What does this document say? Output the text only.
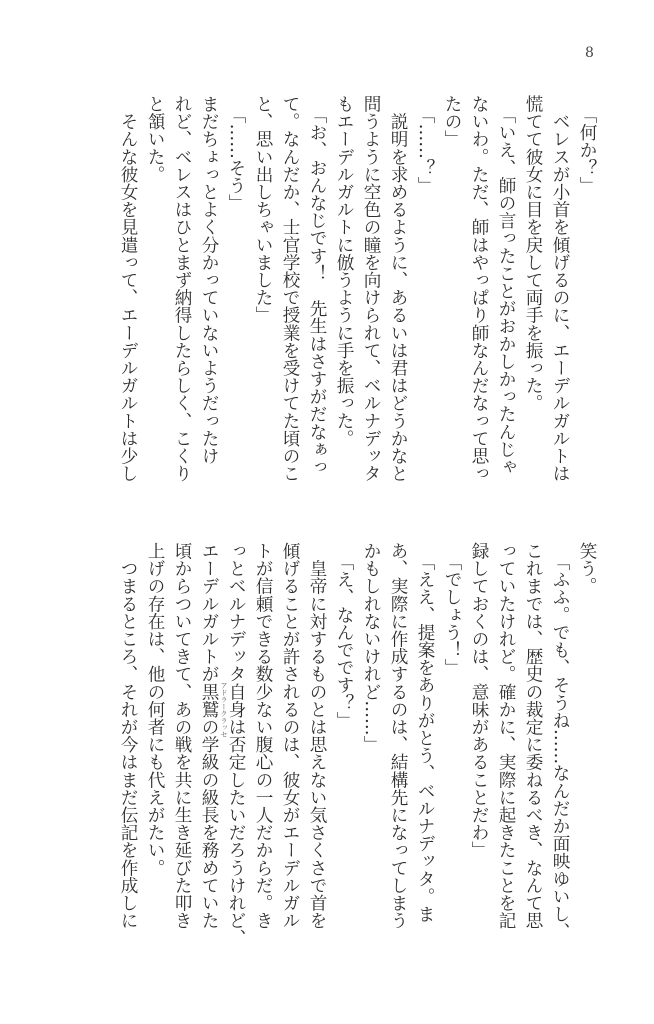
8

「何か？」

　ベレスが小首を傾げるのに、エーデルガルトは

慌てて彼女に目を戻して両手を振った。

「いえ、師の言ったことがおかしかったんじゃ

ないわ。ただ、師はやっぱり師なんだなって思っ

たの」

「……？」

　説明を求めるように、あるいは君はどうかなと

問うように空色の瞳を向けられて、ベルナデッタ

もエーデルガルトに倣うように手を振った。

「お、おんなじです！　先生はさすがだなぁっ

て。なんだか、士官学校で授業を受けてた頃のこ

と、思い出しちゃいました」

「……そう」

まだちょっとよく分かっていないようだったけ

れど、ベレスはひとまず納得したらしく、こくり

と頷いた。

　そんな彼女を見遣って、エーデルガルトは少し

笑う。

「ふふ。でも、そうね……なんだか面映ゆいし、

これまでは、歴史の裁定に委ねるべき、なんて思

っていたけれど。確かに、実際に起きたことを記

録しておくのは、意味があることだわ」

「でしょう！」

「ええ、提案をありがとう、ベルナデッタ。ま

あ、実際に作成するのは、結構先になってしまう

かもしれないけれど……」

「え、なんでです？」

　皇帝に対するものとは思えない気さくさで首を

傾げることが許されるのは、彼女がエーデルガル

トが信頼できる数少ない腹心の一人だからだ。き

っとベルナデッタ自身は否定したいだろうけれど、

エーデルガルトが黒鷲 アドラークラッセ
の学級の級長を務めていた

頃からついてきて、あの戦を共に生き延びた叩き

上げの存在は、他の何者にも代えがたい。

　つまるところ、それが今はまだ伝記を作成しに
